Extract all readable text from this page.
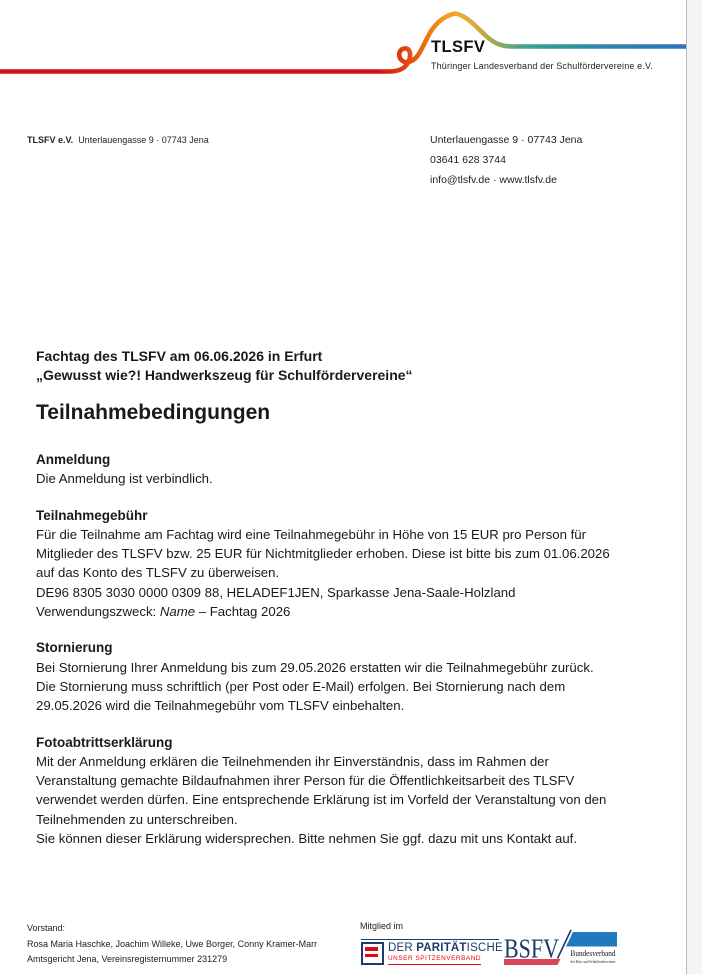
TLSFV
Thüringer Landesverband der Schulfördervereine e.V.
TLSFV e.V. Unterlauengasse 9 · 07743 Jena	Unterlauengasse 9 · 07743 Jena
03641 628 3744
info@tlsfv.de · www.tlsfv.de
Fachtag des TLSFV am 06.06.2026 in Erfurt
„Gewusst wie?! Handwerkszeug für Schulfördervereine“
Teilnahmebedingungen
Anmeldung
Die Anmeldung ist verbindlich.
Teilnahmegebühr
Für die Teilnahme am Fachtag wird eine Teilnahmegebühr in Höhe von 15 EUR pro Person für
Mitglieder des TLSFV bzw. 25 EUR für Nichtmitglieder erhoben. Diese ist bitte bis zum 01.06.2026
auf das Konto des TLSFV zu überweisen.
DE96 8305 3030 0000 0309 88, HELADEF1JEN, Sparkasse Jena-Saale-Holzland
Verwendungszweck: Name – Fachtag 2026
Stornierung
Bei Stornierung Ihrer Anmeldung bis zum 29.05.2026 erstatten wir die Teilnahmegebühr zurück.
Die Stornierung muss schriftlich (per Post oder E-Mail) erfolgen. Bei Stornierung nach dem
29.05.2026 wird die Teilnahmegebühr vom TLSFV einbehalten.
Fotoabtrittserklärung
Mit der Anmeldung erklären die Teilnehmenden ihr Einverständnis, dass im Rahmen der
Veranstaltung gemachte Bildaufnahmen ihrer Person für die Öffentlichkeitsarbeit des TLSFV
verwendet werden dürfen. Eine entsprechende Erklärung ist im Vorfeld der Veranstaltung von den
Teilnehmenden zu unterschreiben.
Sie können dieser Erklärung widersprechen. Bitte nehmen Sie ggf. dazu mit uns Kontakt auf.
Vorstand:
Rosa Maria Haschke, Joachim Willeke, Uwe Borger, Conny Kramer-Marr
Amtsgericht Jena, Vereinsregisternummer 231279
Mitglied im
DER PARITÄTISCHE
UNSER SPITZENVERBAND BSFV Bundesverband
der Kita- und Schulfördervereine
